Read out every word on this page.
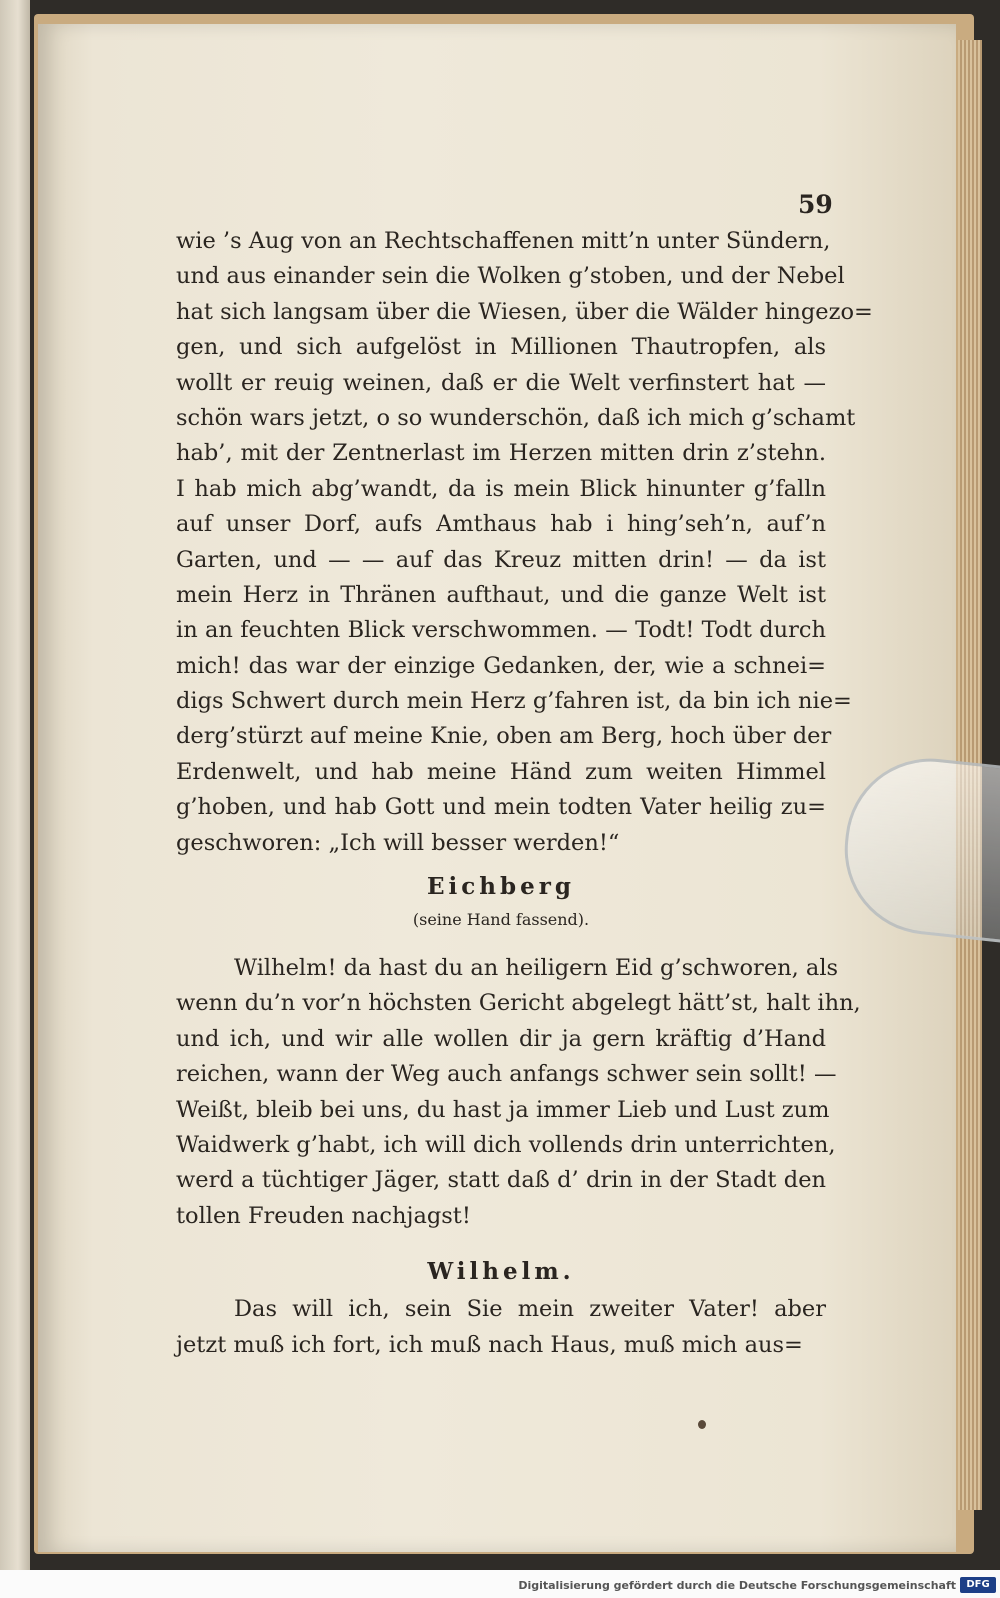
59
wie ’s Aug von an Rechtschaffenen mitt’n unter Sündern,
und aus einander sein die Wolken g’stoben, und der Nebel
hat sich langsam über die Wiesen, über die Wälder hingezo=
gen, und sich aufgelöst in Millionen Thautropfen, als
wollt er reuig weinen, daß er die Welt verfinstert hat —
schön wars jetzt, o so wunderschön, daß ich mich g’schamt
hab’, mit der Zentnerlast im Herzen mitten drin z’stehn.
I hab mich abg’wandt, da is mein Blick hinunter g’falln
auf unser Dorf, aufs Amthaus hab i hing’seh’n, auf’n
Garten, und — — auf das Kreuz mitten drin! — da ist
mein Herz in Thränen aufthaut, und die ganze Welt ist
in an feuchten Blick verschwommen. — Todt! Todt durch
mich! das war der einzige Gedanken, der, wie a schnei=
digs Schwert durch mein Herz g’fahren ist, da bin ich nie=
derg’stürzt auf meine Knie, oben am Berg, hoch über der
Erdenwelt, und hab meine Händ zum weiten Himmel
g’hoben, und hab Gott und mein todten Vater heilig zu=
geschworen: „Ich will besser werden!“
Eichberg
(seine Hand fassend).
Wilhelm! da hast du an heiligern Eid g’schworen, als
wenn du’n vor’n höchsten Gericht abgelegt hätt’st, halt ihn,
und ich, und wir alle wollen dir ja gern kräftig d’Hand
reichen, wann der Weg auch anfangs schwer sein sollt! —
Weißt, bleib bei uns, du hast ja immer Lieb und Lust zum
Waidwerk g’habt, ich will dich vollends drin unterrichten,
werd a tüchtiger Jäger, statt daß d’ drin in der Stadt den
tollen Freuden nachjagst!
Wilhelm.
Das will ich, sein Sie mein zweiter Vater! aber
jetzt muß ich fort, ich muß nach Haus, muß mich aus=
Digitalisierung gefördert durch die Deutsche Forschungsgemeinschaft	DFG
